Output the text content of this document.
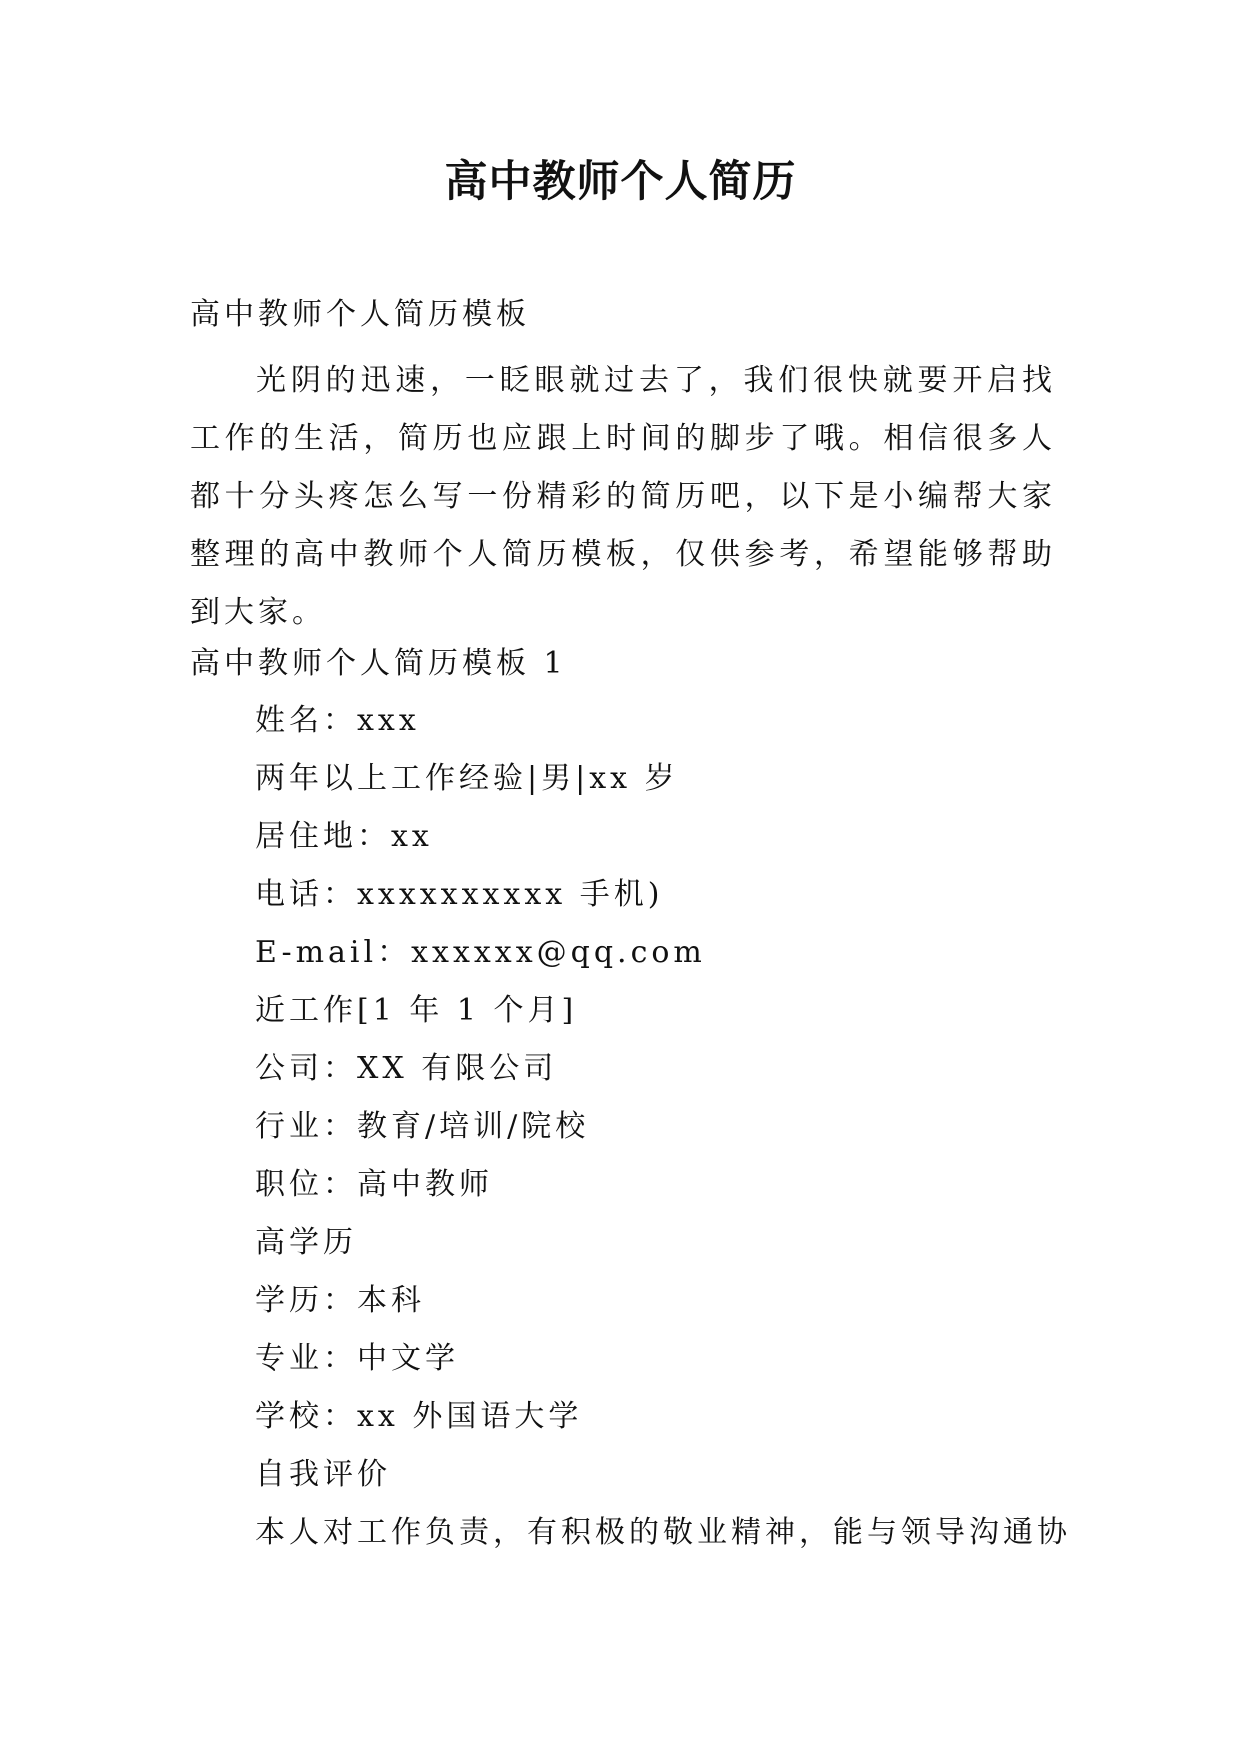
高中教师个人简历
高中教师个人简历模板
光阴的迅速，一眨眼就过去了，我们很快就要开启找工作的生活，简历也应跟上时间的脚步了哦。相信很多人都十分头疼怎么写一份精彩的简历吧，以下是小编帮大家整理的高中教师个人简历模板，仅供参考，希望能够帮助到大家。
高中教师个人简历模板 1
姓名：xxx
两年以上工作经验|男|xx 岁
居住地：xx
电话：xxxxxxxxxx 手机)
E-mail：xxxxxx@qq.com
近工作[1 年 1 个月]
公司：XX 有限公司
行业：教育/培训/院校
职位：高中教师
高学历
学历：本科
专业：中文学
学校：xx 外国语大学
自我评价
本人对工作负责，有积极的敬业精神，能与领导沟通协
